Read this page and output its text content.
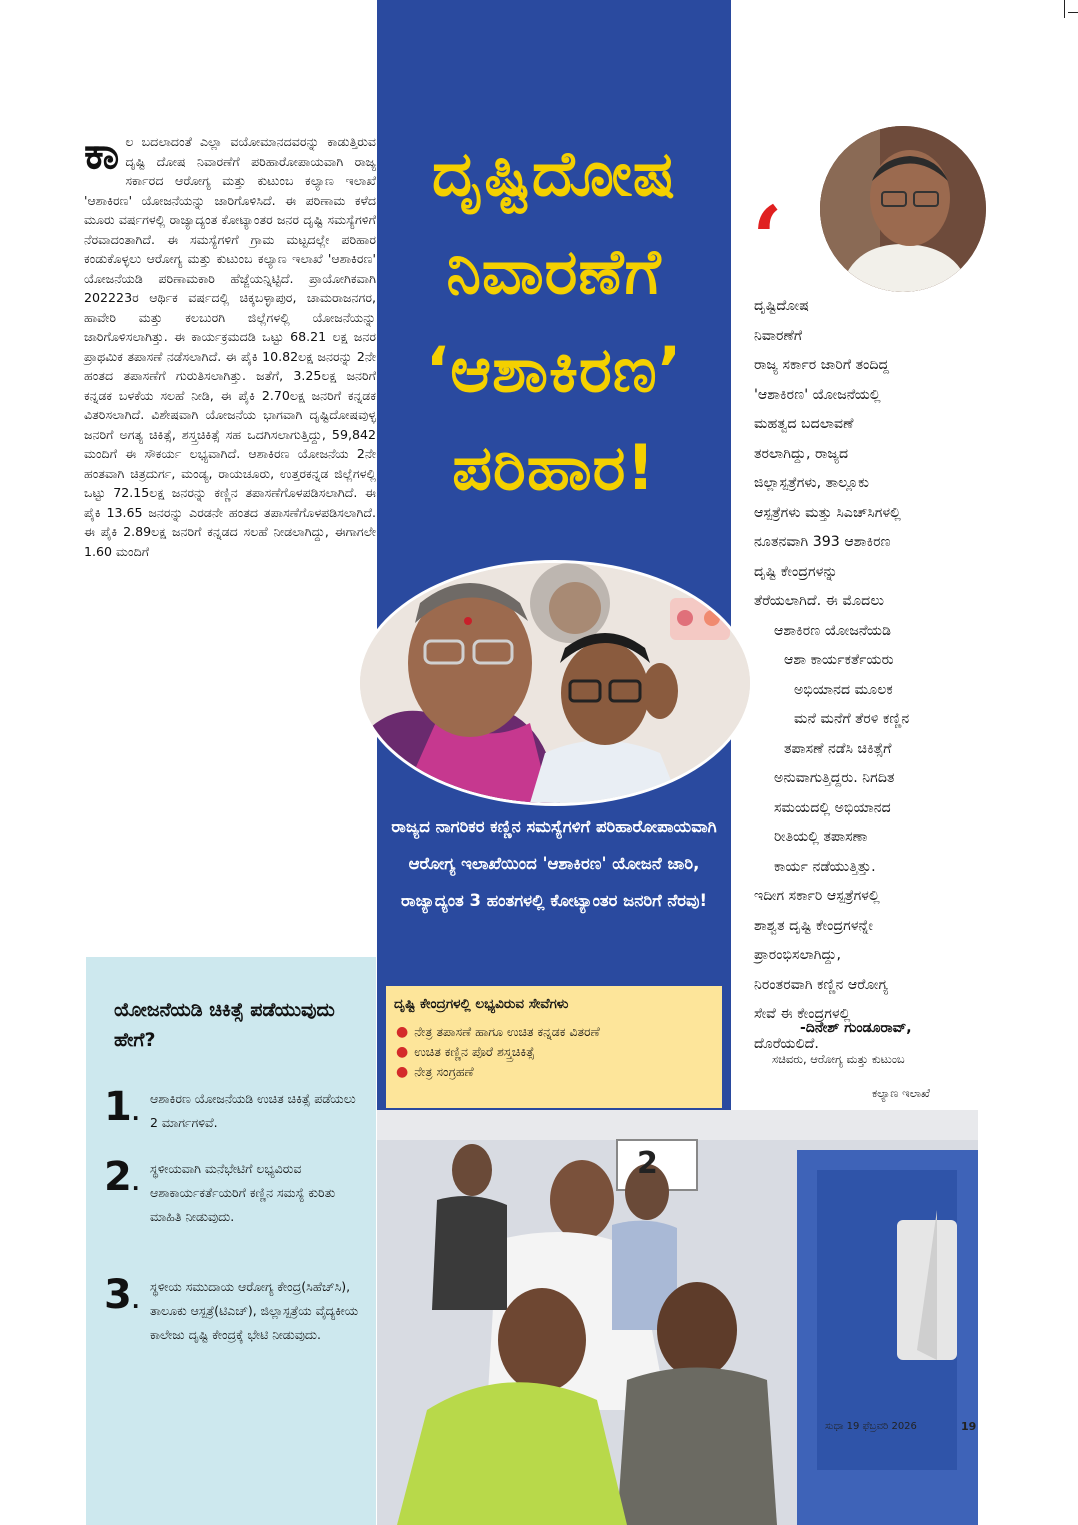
ಕಾ ಲ ಬದಲಾದಂತೆ ಎಲ್ಲಾ ವಯೋಮಾನದವರನ್ನು ಕಾಡುತ್ತಿರುವ ದೃಷ್ಟಿ ದೋಷ ನಿವಾರಣೆಗೆ ಪರಿಹಾರೋಪಾಯವಾಗಿ ರಾಜ್ಯ ಸರ್ಕಾರದ ಆರೋಗ್ಯ ಮತ್ತು ಕುಟುಂಬ ಕಲ್ಯಾಣ ಇಲಾಖೆ 'ಆಶಾಕಿರಣ' ಯೋಜನೆಯನ್ನು ಜಾರಿಗೊಳಿಸಿದೆ. ಈ ಪರಿಣಾಮ ಕಳೆದ ಮೂರು ವರ್ಷಗಳಲ್ಲಿ ರಾಜ್ಯಾದ್ಯಂತ ಕೋಟ್ಯಾಂತರ ಜನರ ದೃಷ್ಟಿ ಸಮಸ್ಯೆಗಳಿಗೆ ನೆರವಾದಂತಾಗಿದೆ. ಈ ಸಮಸ್ಯೆಗಳಿಗೆ ಗ್ರಾಮ ಮಟ್ಟದಲ್ಲೇ ಪರಿಹಾರ ಕಂಡುಕೊಳ್ಳಲು ಆರೋಗ್ಯ ಮತ್ತು ಕುಟುಂಬ ಕಲ್ಯಾಣ ಇಲಾಖೆ 'ಆಶಾಕಿರಣ' ಯೋಜನೆಯಡಿ ಪರಿಣಾಮಕಾರಿ ಹೆಜ್ಜೆಯನ್ನಿಟ್ಟಿದೆ. ಪ್ರಾಯೋಗಿಕವಾಗಿ 202223ರ ಆರ್ಥಿಕ ವರ್ಷದಲ್ಲಿ ಚಿಕ್ಕಬಳ್ಳಾಪುರ, ಚಾಮರಾಜನಗರ, ಹಾವೇರಿ ಮತ್ತು ಕಲಬುರಗಿ ಜಿಲ್ಲೆಗಳಲ್ಲಿ ಯೋಜನೆಯನ್ನು ಜಾರಿಗೊಳಿಸಲಾಗಿತ್ತು. ಈ ಕಾರ್ಯಕ್ರಮದಡಿ ಒಟ್ಟು 68.21 ಲಕ್ಷ ಜನರ ಪ್ರಾಥಮಿಕ ತಪಾಸಣೆ ನಡೆಸಲಾಗಿದೆ. ಈ ಪೈಕಿ 10.82ಲಕ್ಷ ಜನರನ್ನು 2ನೇ ಹಂತದ ತಪಾಸಣೆಗೆ ಗುರುತಿಸಲಾಗಿತ್ತು. ಜತೆಗೆ, 3.25ಲಕ್ಷ ಜನರಿಗೆ ಕನ್ನಡಕ ಬಳಕೆಯ ಸಲಹೆ ನೀಡಿ, ಈ ಪೈಕಿ 2.70ಲಕ್ಷ ಜನರಿಗೆ ಕನ್ನಡಕ ವಿತರಿಸಲಾಗಿದೆ. ವಿಶೇಷವಾಗಿ ಯೋಜನೆಯ ಭಾಗವಾಗಿ ದೃಷ್ಟಿದೋಷವುಳ್ಳ ಜನರಿಗೆ ಅಗತ್ಯ ಚಿಕಿತ್ಸೆ, ಶಸ್ತ್ರಚಿಕಿತ್ಸೆ ಸಹ ಒದಗಿಸಲಾಗುತ್ತಿದ್ದು, 59,842 ಮಂದಿಗೆ ಈ ಸೌಕರ್ಯ ಲಭ್ಯವಾಗಿದೆ. ಆಶಾಕಿರಣ ಯೋಜನೆಯ 2ನೇ ಹಂತವಾಗಿ ಚಿತ್ರದುರ್ಗ, ಮಂಡ್ಯ, ರಾಯಚೂರು, ಉತ್ತರಕನ್ನಡ ಜಿಲ್ಲೆಗಳಲ್ಲಿ ಒಟ್ಟು 72.15ಲಕ್ಷ ಜನರನ್ನು ಕಣ್ಣಿನ ತಪಾಸಣೆಗೊಳಪಡಿಸಲಾಗಿದೆ. ಈ ಪೈಕಿ 13.65 ಜನರನ್ನು ಎರಡನೇ ಹಂತದ ತಪಾಸಣೆಗೊಳಪಡಿಸಲಾಗಿದೆ. ಈ ಪೈಕಿ 2.89ಲಕ್ಷ ಜನರಿಗೆ ಕನ್ನಡದ ಸಲಹೆ ನೀಡಲಾಗಿದ್ದು, ಈಗಾಗಲೇ 1.60 ಮಂದಿಗೆ
ದೃಷ್ಟಿದೋಷ
ನಿವಾರಣೆಗೆ
‘ಆಶಾಕಿರಣ’
ಪರಿಹಾರ!
ರಾಜ್ಯದ ನಾಗರಿಕರ ಕಣ್ಣಿನ ಸಮಸ್ಯೆಗಳಿಗೆ ಪರಿಹಾರೋಪಾಯವಾಗಿ ಆರೋಗ್ಯ ಇಲಾಖೆಯಿಂದ 'ಆಶಾಕಿರಣ' ಯೋಜನೆ ಜಾರಿ, ರಾಜ್ಯಾದ್ಯಂತ 3 ಹಂತಗಳಲ್ಲಿ ಕೋಟ್ಯಾಂತರ ಜನರಿಗೆ ನೆರವು!
ದೃಷ್ಟಿ ಕೇಂದ್ರಗಳಲ್ಲಿ ಲಭ್ಯವಿರುವ ಸೇವೆಗಳು
● ನೇತ್ರ ತಪಾಸಣೆ ಹಾಗೂ ಉಚಿತ ಕನ್ನಡಕ ವಿತರಣೆ
● ಉಚಿತ ಕಣ್ಣಿನ ಪೊರೆ ಶಸ್ತ್ರಚಿಕಿತ್ಸೆ
● ನೇತ್ರ ಸಂಗ್ರಹಣೆ
‘

ದೃಷ್ಟಿದೋಷ

ನಿವಾರಣೆಗೆ

ರಾಜ್ಯ ಸರ್ಕಾರ ಜಾರಿಗೆ ತಂದಿದ್ದ

'ಆಶಾಕಿರಣ' ಯೋಜನೆಯಲ್ಲಿ

ಮಹತ್ವದ ಬದಲಾವಣೆ

ತರಲಾಗಿದ್ದು, ರಾಜ್ಯದ

ಜಿಲ್ಲಾಸ್ಪತ್ರೆಗಳು, ತಾಲ್ಲೂಕು

ಆಸ್ಪತ್ರೆಗಳು ಮತ್ತು ಸಿಎಚ್‌ಸಿಗಳಲ್ಲಿ

ನೂತನವಾಗಿ 393 ಆಶಾಕಿರಣ

ದೃಷ್ಟಿ ಕೇಂದ್ರಗಳನ್ನು

ತೆರೆಯಲಾಗಿದೆ. ಈ ಮೊದಲು

ಆಶಾಕಿರಣ ಯೋಜನೆಯಡಿ

ಆಶಾ ಕಾರ್ಯಕರ್ತೆಯರು

ಅಭಿಯಾನದ ಮೂಲಕ

ಮನೆ ಮನೆಗೆ ತೆರಳಿ ಕಣ್ಣಿನ

ತಪಾಸಣೆ ನಡೆಸಿ ಚಿಕಿತ್ಸೆಗೆ

ಅನುವಾಗುತ್ತಿದ್ದರು. ನಿಗದಿತ

ಸಮಯದಲ್ಲಿ ಅಭಿಯಾನದ

ರೀತಿಯಲ್ಲಿ ತಪಾಸಣಾ

ಕಾರ್ಯ ನಡೆಯುತ್ತಿತ್ತು.

ಇದೀಗ ಸರ್ಕಾರಿ ಆಸ್ಪತ್ರೆಗಳಲ್ಲಿ

ಶಾಶ್ವತ ದೃಷ್ಟಿ ಕೇಂದ್ರಗಳನ್ನೇ

ಪ್ರಾರಂಭಿಸಲಾಗಿದ್ದು,

ನಿರಂತರವಾಗಿ ಕಣ್ಣಿನ ಆರೋಗ್ಯ

ಸೇವೆ ಈ ಕೇಂದ್ರಗಳಲ್ಲಿ

ದೊರೆಯಲಿದೆ.

-ದಿನೇಶ್ ಗುಂಡೂರಾವ್,
ಸಚಿವರು, ಆರೋಗ್ಯ ಮತ್ತು ಕುಟುಂಬ
ಕಲ್ಯಾಣ ಇಲಾಖೆ
ಯೋಜನೆಯಡಿ ಚಿಕಿತ್ಸೆ ಪಡೆಯುವುದು ಹೇಗೆ?
1.
ಆಶಾಕಿರಣ ಯೋಜನೆಯಡಿ ಉಚಿತ ಚಿಕಿತ್ಸೆ ಪಡೆಯಲು 2 ಮಾರ್ಗಗಳಿವೆ.
2.
ಸ್ಥಳೀಯವಾಗಿ ಮನೆಭೇಟಿಗೆ ಲಭ್ಯವಿರುವ ಆಶಾಕಾರ್ಯಕರ್ತೆಯರಿಗೆ ಕಣ್ಣಿನ ಸಮಸ್ಯೆ ಕುರಿತು ಮಾಹಿತಿ ನೀಡುವುದು.
3.
ಸ್ಥಳೀಯ ಸಮುದಾಯ ಆರೋಗ್ಯ ಕೇಂದ್ರ(ಸಿಹೆಚ್‌ಸಿ), ತಾಲೂಕು ಆಸ್ಪತ್ರೆ(ಟಿಎಚ್), ಜಿಲ್ಲಾಸ್ಪತ್ರೆಯ ವೈದ್ಯಕೀಯ ಕಾಲೇಜು ದೃಷ್ಟಿ ಕೇಂದ್ರಕ್ಕೆ ಭೇಟಿ ನೀಡುವುದು.
2
ಸುಧಾ 19 ಫೆಬ್ರವರಿ 2026	19
